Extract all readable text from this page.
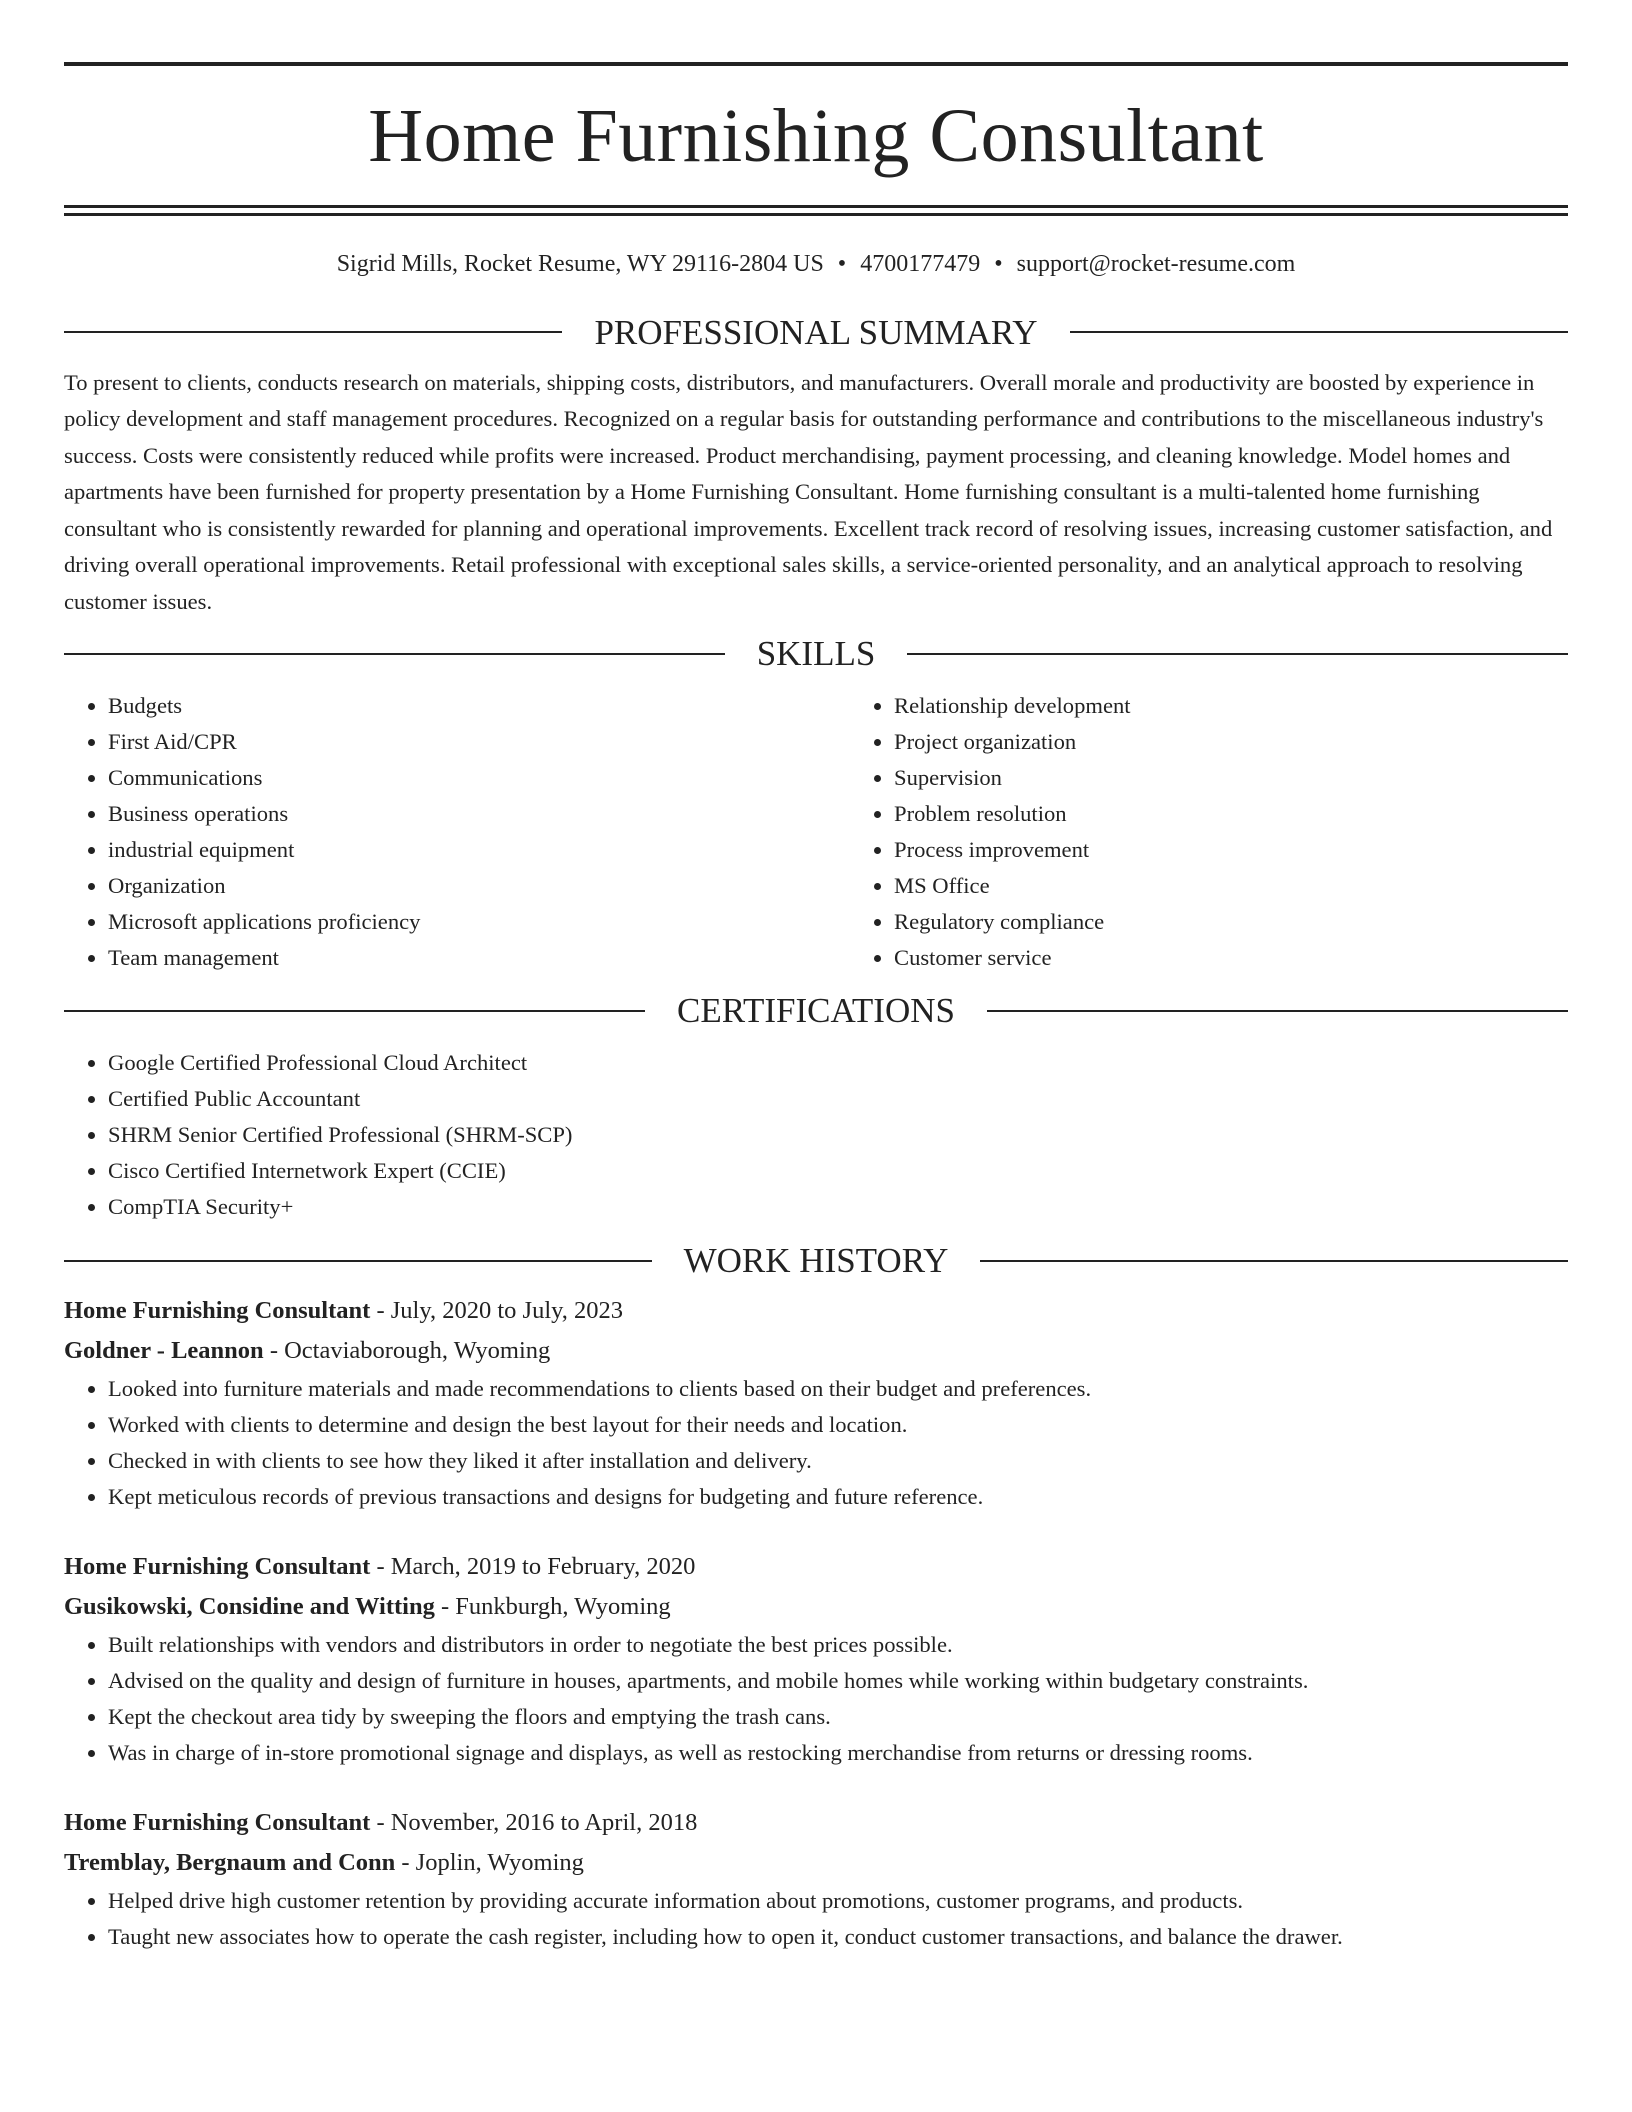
Home Furnishing Consultant
Sigrid Mills, Rocket Resume, WY 29116-2804 US • 4700177479 • support@rocket-resume.com
PROFESSIONAL SUMMARY

To present to clients, conducts research on materials, shipping costs, distributors, and manufacturers. Overall morale and productivity are boosted by experience in policy development and staff management procedures. Recognized on a regular basis for outstanding performance and contributions to the miscellaneous industry's success. Costs were consistently reduced while profits were increased. Product merchandising, payment processing, and cleaning knowledge. Model homes and apartments have been furnished for property presentation by a Home Furnishing Consultant. Home furnishing consultant is a multi-talented home furnishing consultant who is consistently rewarded for planning and operational improvements. Excellent track record of resolving issues, increasing customer satisfaction, and driving overall operational improvements. Retail professional with exceptional sales skills, a service-oriented personality, and an analytical approach to resolving customer issues.

SKILLS
• Budgets
• First Aid/CPR
• Communications
• Business operations
• industrial equipment
• Organization
• Microsoft applications proficiency
• Team management
• Relationship development
• Project organization
• Supervision
• Problem resolution
• Process improvement
• MS Office
• Regulatory compliance
• Customer service
CERTIFICATIONS
• Google Certified Professional Cloud Architect
• Certified Public Accountant
• SHRM Senior Certified Professional (SHRM-SCP)
• Cisco Certified Internetwork Expert (CCIE)
• CompTIA Security+
WORK HISTORY
Home Furnishing Consultant - July, 2020 to July, 2023
Goldner - Leannon - Octaviaborough, Wyoming
• Looked into furniture materials and made recommendations to clients based on their budget and preferences.
• Worked with clients to determine and design the best layout for their needs and location.
• Checked in with clients to see how they liked it after installation and delivery.
• Kept meticulous records of previous transactions and designs for budgeting and future reference.
Home Furnishing Consultant - March, 2019 to February, 2020
Gusikowski, Considine and Witting - Funkburgh, Wyoming
• Built relationships with vendors and distributors in order to negotiate the best prices possible.
• Advised on the quality and design of furniture in houses, apartments, and mobile homes while working within budgetary constraints.
• Kept the checkout area tidy by sweeping the floors and emptying the trash cans.
• Was in charge of in-store promotional signage and displays, as well as restocking merchandise from returns or dressing rooms.
Home Furnishing Consultant - November, 2016 to April, 2018
Tremblay, Bergnaum and Conn - Joplin, Wyoming
• Helped drive high customer retention by providing accurate information about promotions, customer programs, and products.
• Taught new associates how to operate the cash register, including how to open it, conduct customer transactions, and balance the drawer.
